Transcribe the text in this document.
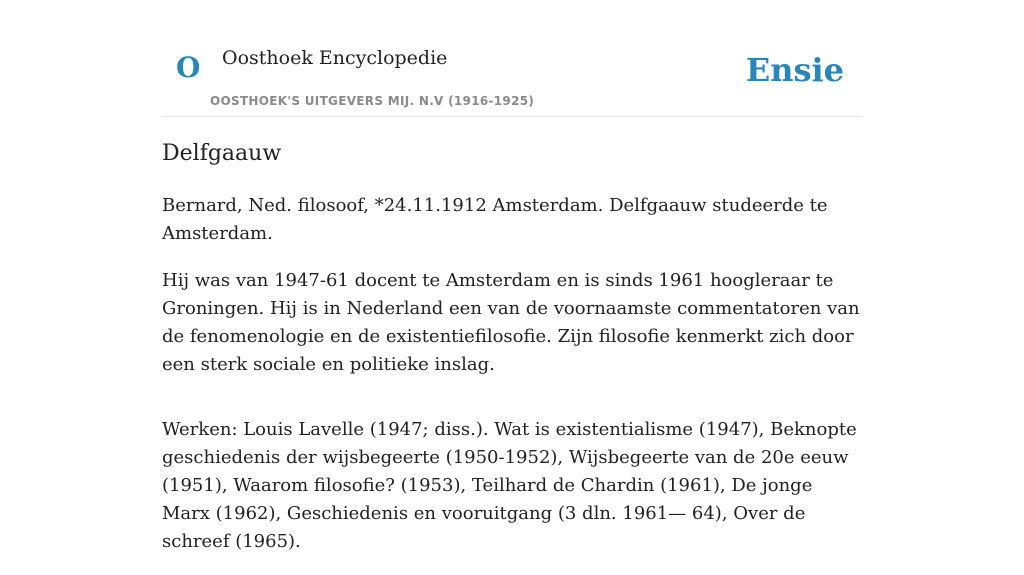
O Oosthoek Encyclopedie
OOSTHOEK'S UITGEVERS MIJ. N.V (1916-1925)
Ensie
Delfgaauw

Bernard, Ned. filosoof, *24.11.1912 Amsterdam. Delfgaauw studeerde te Amsterdam.

Hij was van 1947-61 docent te Amsterdam en is sinds 1961 hoogleraar te Groningen. Hij is in Nederland een van de voornaamste commentatoren van de fenomenologie en de existentiefilosofie. Zijn filosofie kenmerkt zich door een sterk sociale en politieke inslag.

Werken: Louis Lavelle (1947; diss.). Wat is existentialisme (1947), Beknopte geschiedenis der wijsbegeerte (1950-1952), Wijsbegeerte van de 20e eeuw (1951), Waarom filosofie? (1953), Teilhard de Chardin (1961), De jonge Marx (1962), Geschiedenis en vooruitgang (3 dln. 1961— 64), Over de schreef (1965).
